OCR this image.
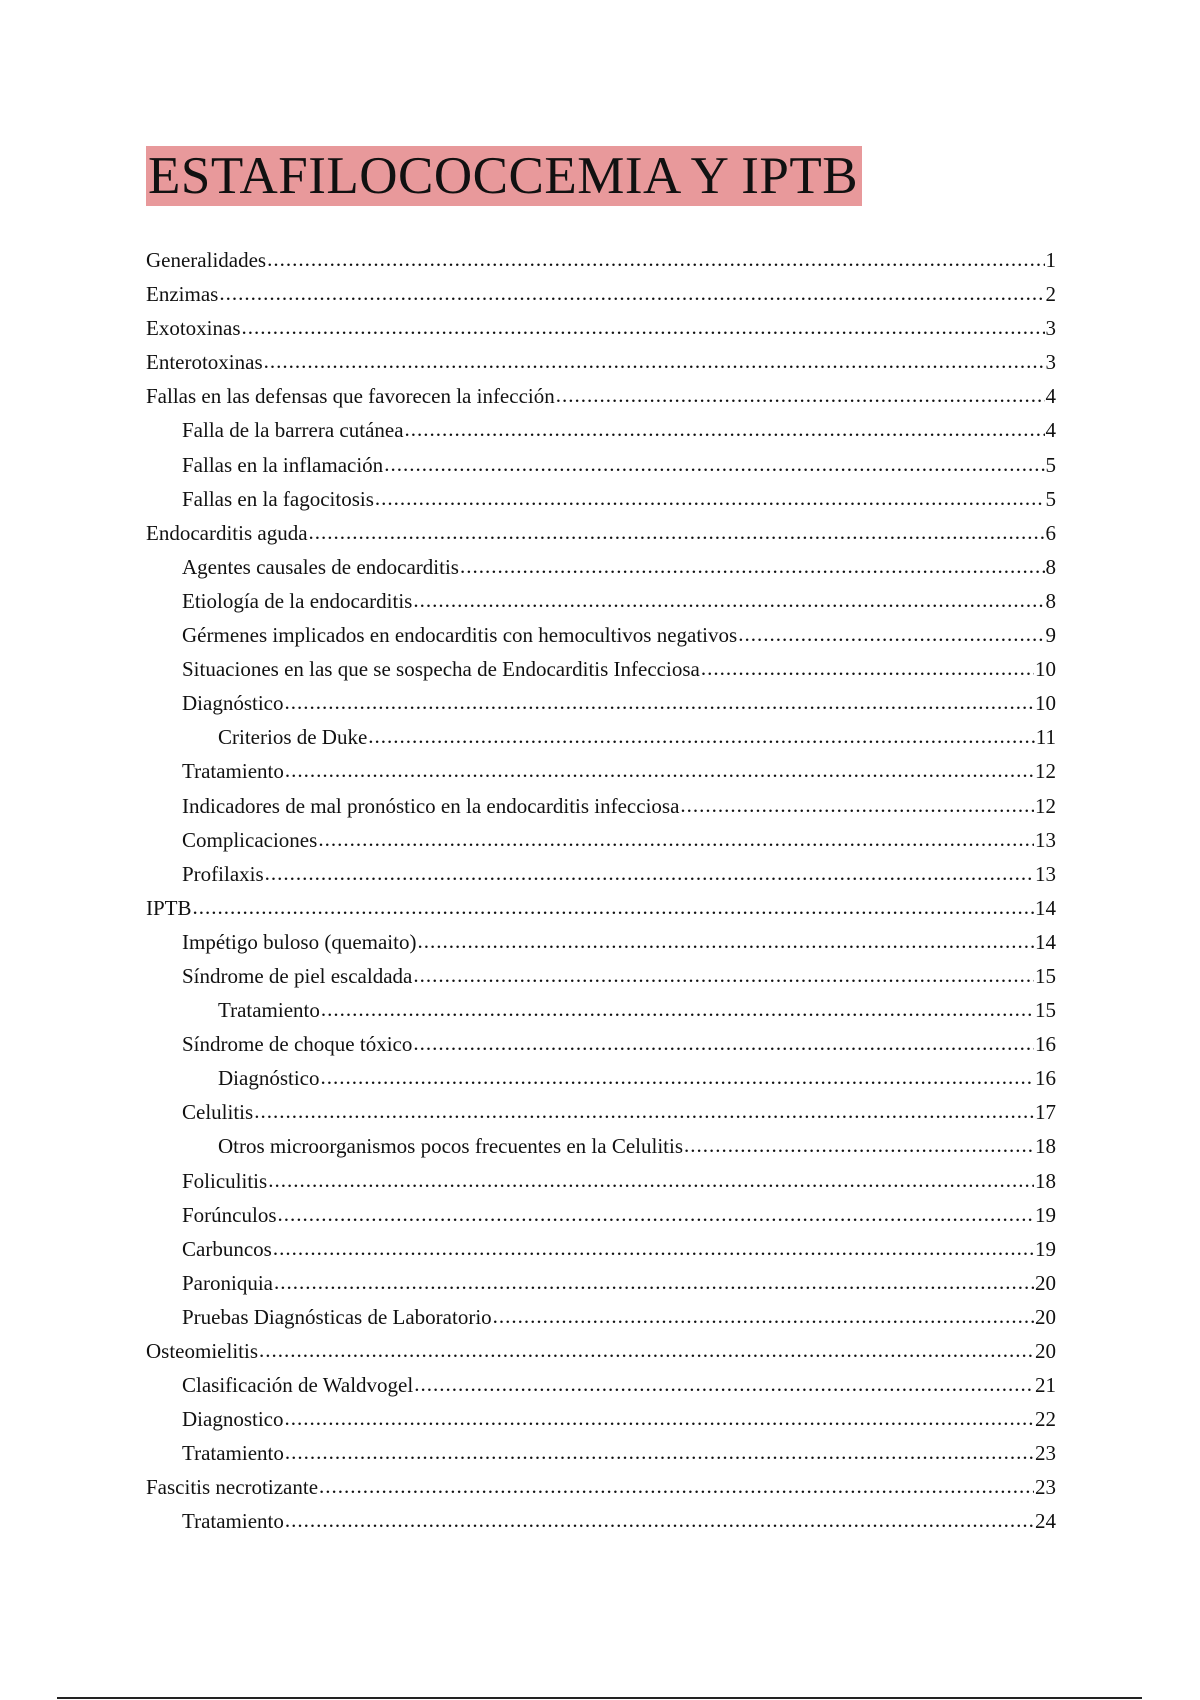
ESTAFILOCOCCEMIA Y IPTB
Generalidades .....	1
Enzimas .....	2
Exotoxinas .....	3
Enterotoxinas .....	3
Fallas en las defensas que favorecen la infección .....	4
Falla de la barrera cutánea .....	4
Fallas en la inflamación .....	5
Fallas en la fagocitosis .....	5
Endocarditis aguda .....	6
Agentes causales de endocarditis .....	8
Etiología de la endocarditis .....	8
Gérmenes implicados en endocarditis con hemocultivos negativos .....	9
Situaciones en las que se sospecha de Endocarditis Infecciosa .....	10
Diagnóstico .....	10
Criterios de Duke .....	11
Tratamiento .....	12
Indicadores de mal pronóstico en la endocarditis infecciosa .....	12
Complicaciones .....	13
Profilaxis .....	13
IPTB .....	14
Impétigo buloso (quemaito) .....	14
Síndrome de piel escaldada .....	15
Tratamiento .....	15
Síndrome de choque tóxico .....	16
Diagnóstico .....	16
Celulitis .....	17
Otros microorganismos pocos frecuentes en la Celulitis .....	18
Foliculitis .....	18
Forúnculos .....	19
Carbuncos .....	19
Paroniquia .....	20
Pruebas Diagnósticas de Laboratorio .....	20
Osteomielitis .....	20
Clasificación de Waldvogel .....	21
Diagnostico .....	22
Tratamiento .....	23
Fascitis necrotizante .....	23
Tratamiento .....	24
